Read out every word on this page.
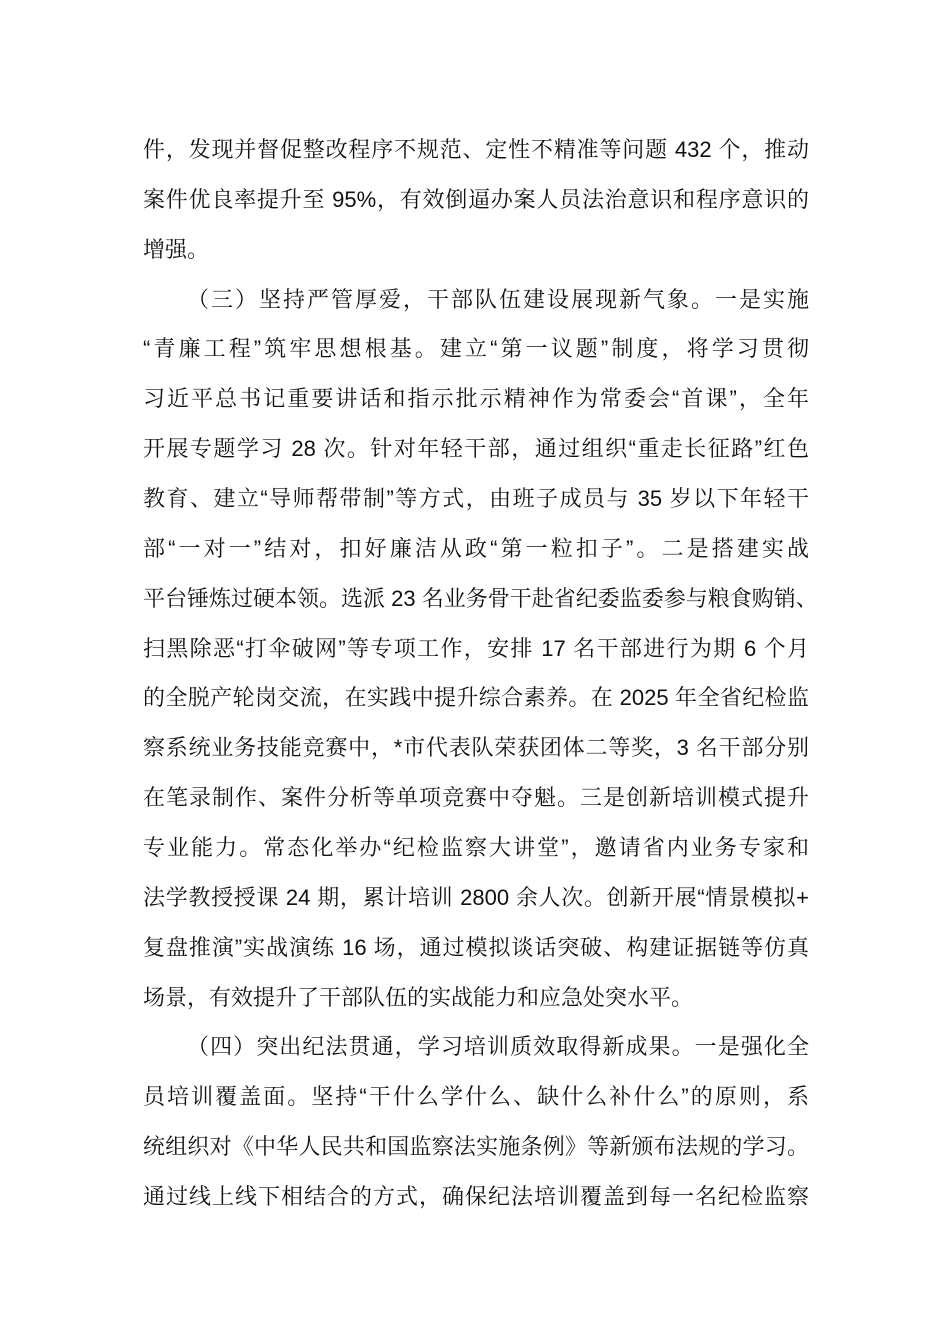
件，发现并督促整改程序不规范、定性不精准等问题 432 个，推动
案件优良率提升至 95%，有效倒逼办案人员法治意识和程序意识的
增强。
（三）坚持严管厚爱，干部队伍建设展现新气象。一是实施
“青廉工程”筑牢思想根基。建立“第一议题”制度，将学习贯彻
习近平总书记重要讲话和指示批示精神作为常委会“首课”，全年
开展专题学习 28 次。针对年轻干部，通过组织“重走长征路”红色
教育、建立“导师帮带制”等方式，由班子成员与 35 岁以下年轻干
部“一对一”结对，扣好廉洁从政“第一粒扣子”。二是搭建实战
平台锤炼过硬本领。选派 23 名业务骨干赴省纪委监委参与粮食购销、
扫黑除恶“打伞破网”等专项工作，安排 17 名干部进行为期 6 个月
的全脱产轮岗交流，在实践中提升综合素养。在 2025 年全省纪检监
察系统业务技能竞赛中，*市代表队荣获团体二等奖，3 名干部分别
在笔录制作、案件分析等单项竞赛中夺魁。三是创新培训模式提升
专业能力。常态化举办“纪检监察大讲堂”，邀请省内业务专家和
法学教授授课 24 期，累计培训 2800 余人次。创新开展“情景模拟+
复盘推演”实战演练 16 场，通过模拟谈话突破、构建证据链等仿真
场景，有效提升了干部队伍的实战能力和应急处突水平。
（四）突出纪法贯通，学习培训质效取得新成果。一是强化全
员培训覆盖面。坚持“干什么学什么、缺什么补什么”的原则，系
统组织对《中华人民共和国监察法实施条例》等新颁布法规的学习。
通过线上线下相结合的方式，确保纪法培训覆盖到每一名纪检监察
